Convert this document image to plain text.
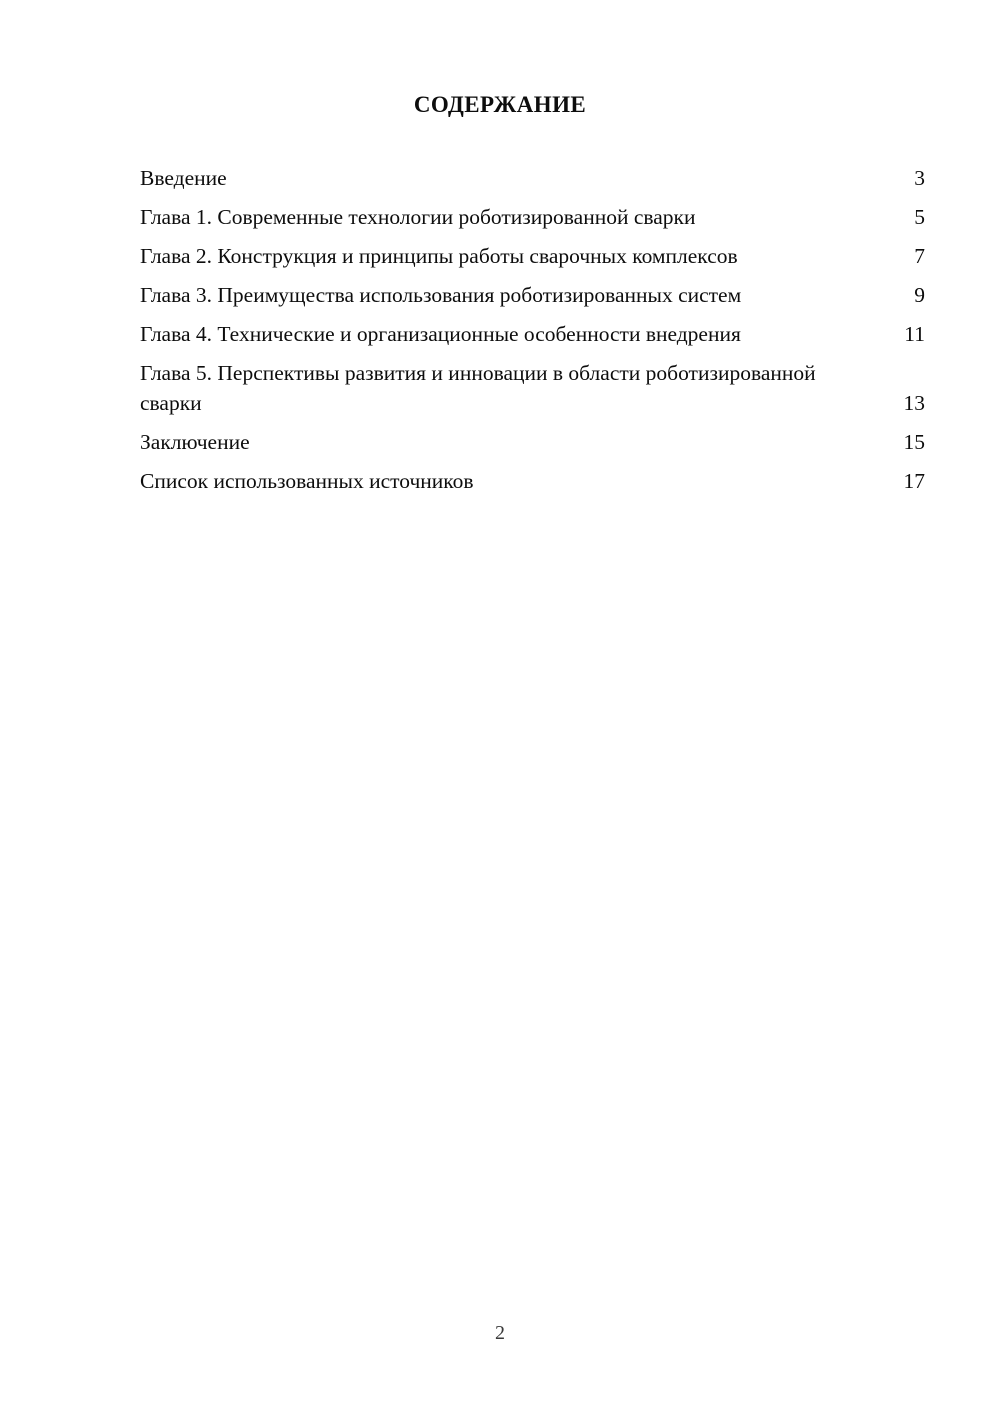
СОДЕРЖАНИЕ
Введение	3
Глава 1. Современные технологии роботизированной сварки	5
Глава 2. Конструкция и принципы работы сварочных комплексов	7
Глава 3. Преимущества использования роботизированных систем	9
Глава 4. Технические и организационные особенности внедрения	11
Глава 5. Перспективы развития и инновации в области роботизированной сварки	13
Заключение	15
Список использованных источников	17
2
